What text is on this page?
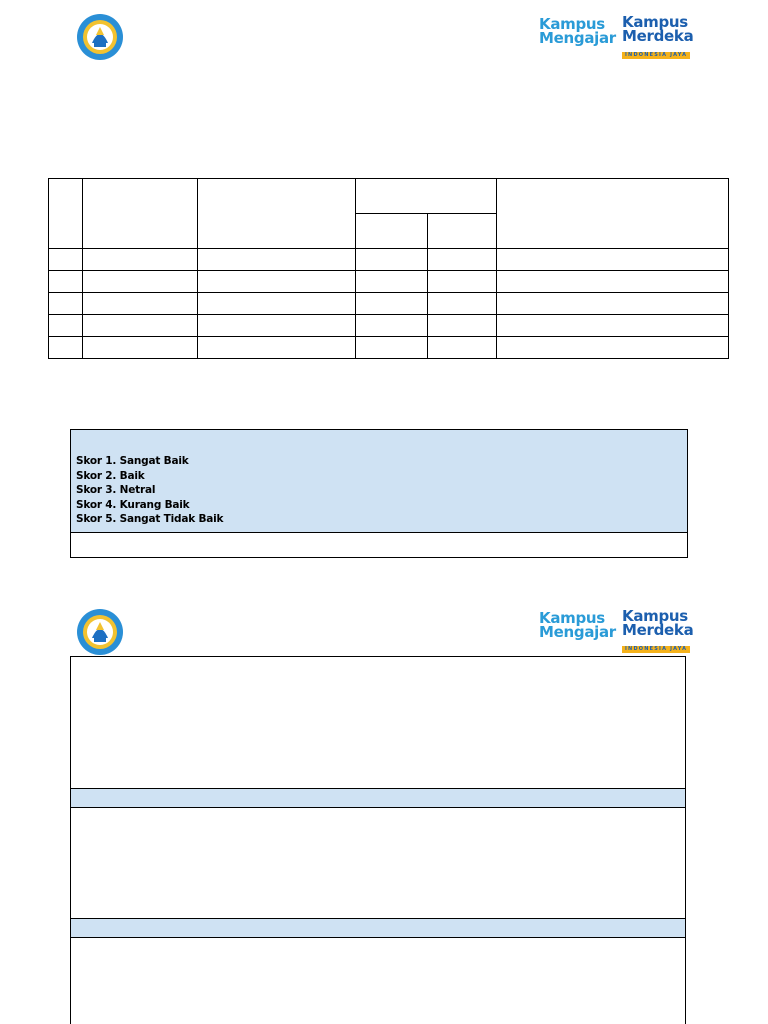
Kampus
Mengajar
Kampus
Merdeka
INDONESIA JAYA

Skor 1. Sangat Baik
Skor 2. Baik
Skor 3. Netral
Skor 4. Kurang Baik
Skor 5. Sangat Tidak Baik
Kampus
Mengajar
Kampus
Merdeka
INDONESIA JAYA
